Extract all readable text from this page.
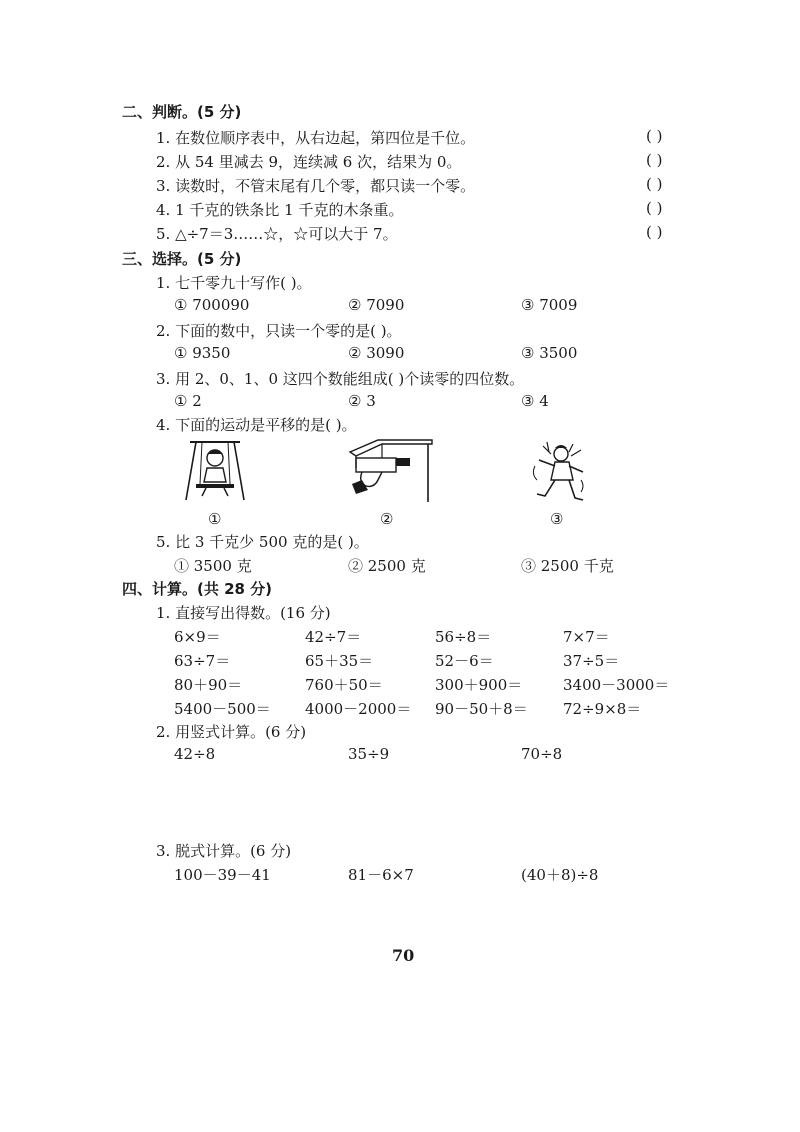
二、判断。(5 分)
1. 在数位顺序表中，从右边起，第四位是千位。	( )
2. 从 54 里减去 9，连续减 6 次，结果为 0。	( )
3. 读数时，不管末尾有几个零，都只读一个零。	( )
4. 1 千克的铁条比 1 千克的木条重。	( )
5. △÷7＝3……☆，☆可以大于 7。	( )
三、选择。(5 分)
1. 七千零九十写作( )。
① 700090	② 7090	③ 7009
2. 下面的数中，只读一个零的是( )。
① 9350	② 3090	③ 3500
3. 用 2、0、1、0 这四个数能组成( )个读零的四位数。
① 2	② 3	③ 4
4. 下面的运动是平移的是( )。
①	②	③
5. 比 3 千克少 500 克的是( )。
① 3500 克	② 2500 克	③ 2500 千克
四、计算。(共 28 分)
1. 直接写出得数。(16 分)
6×9＝	42÷7＝	56÷8＝	7×7＝
63÷7＝	65＋35＝	52－6＝	37÷5＝
80＋90＝	760＋50＝	300＋900＝	3400－3000＝
5400－500＝ 4000－2000＝ 90－50＋8＝ 72÷9×8＝
2. 用竖式计算。(6 分)
42÷8	35÷9	70÷8
3. 脱式计算。(6 分)
100－39－41	81－6×7	(40＋8)÷8
70
